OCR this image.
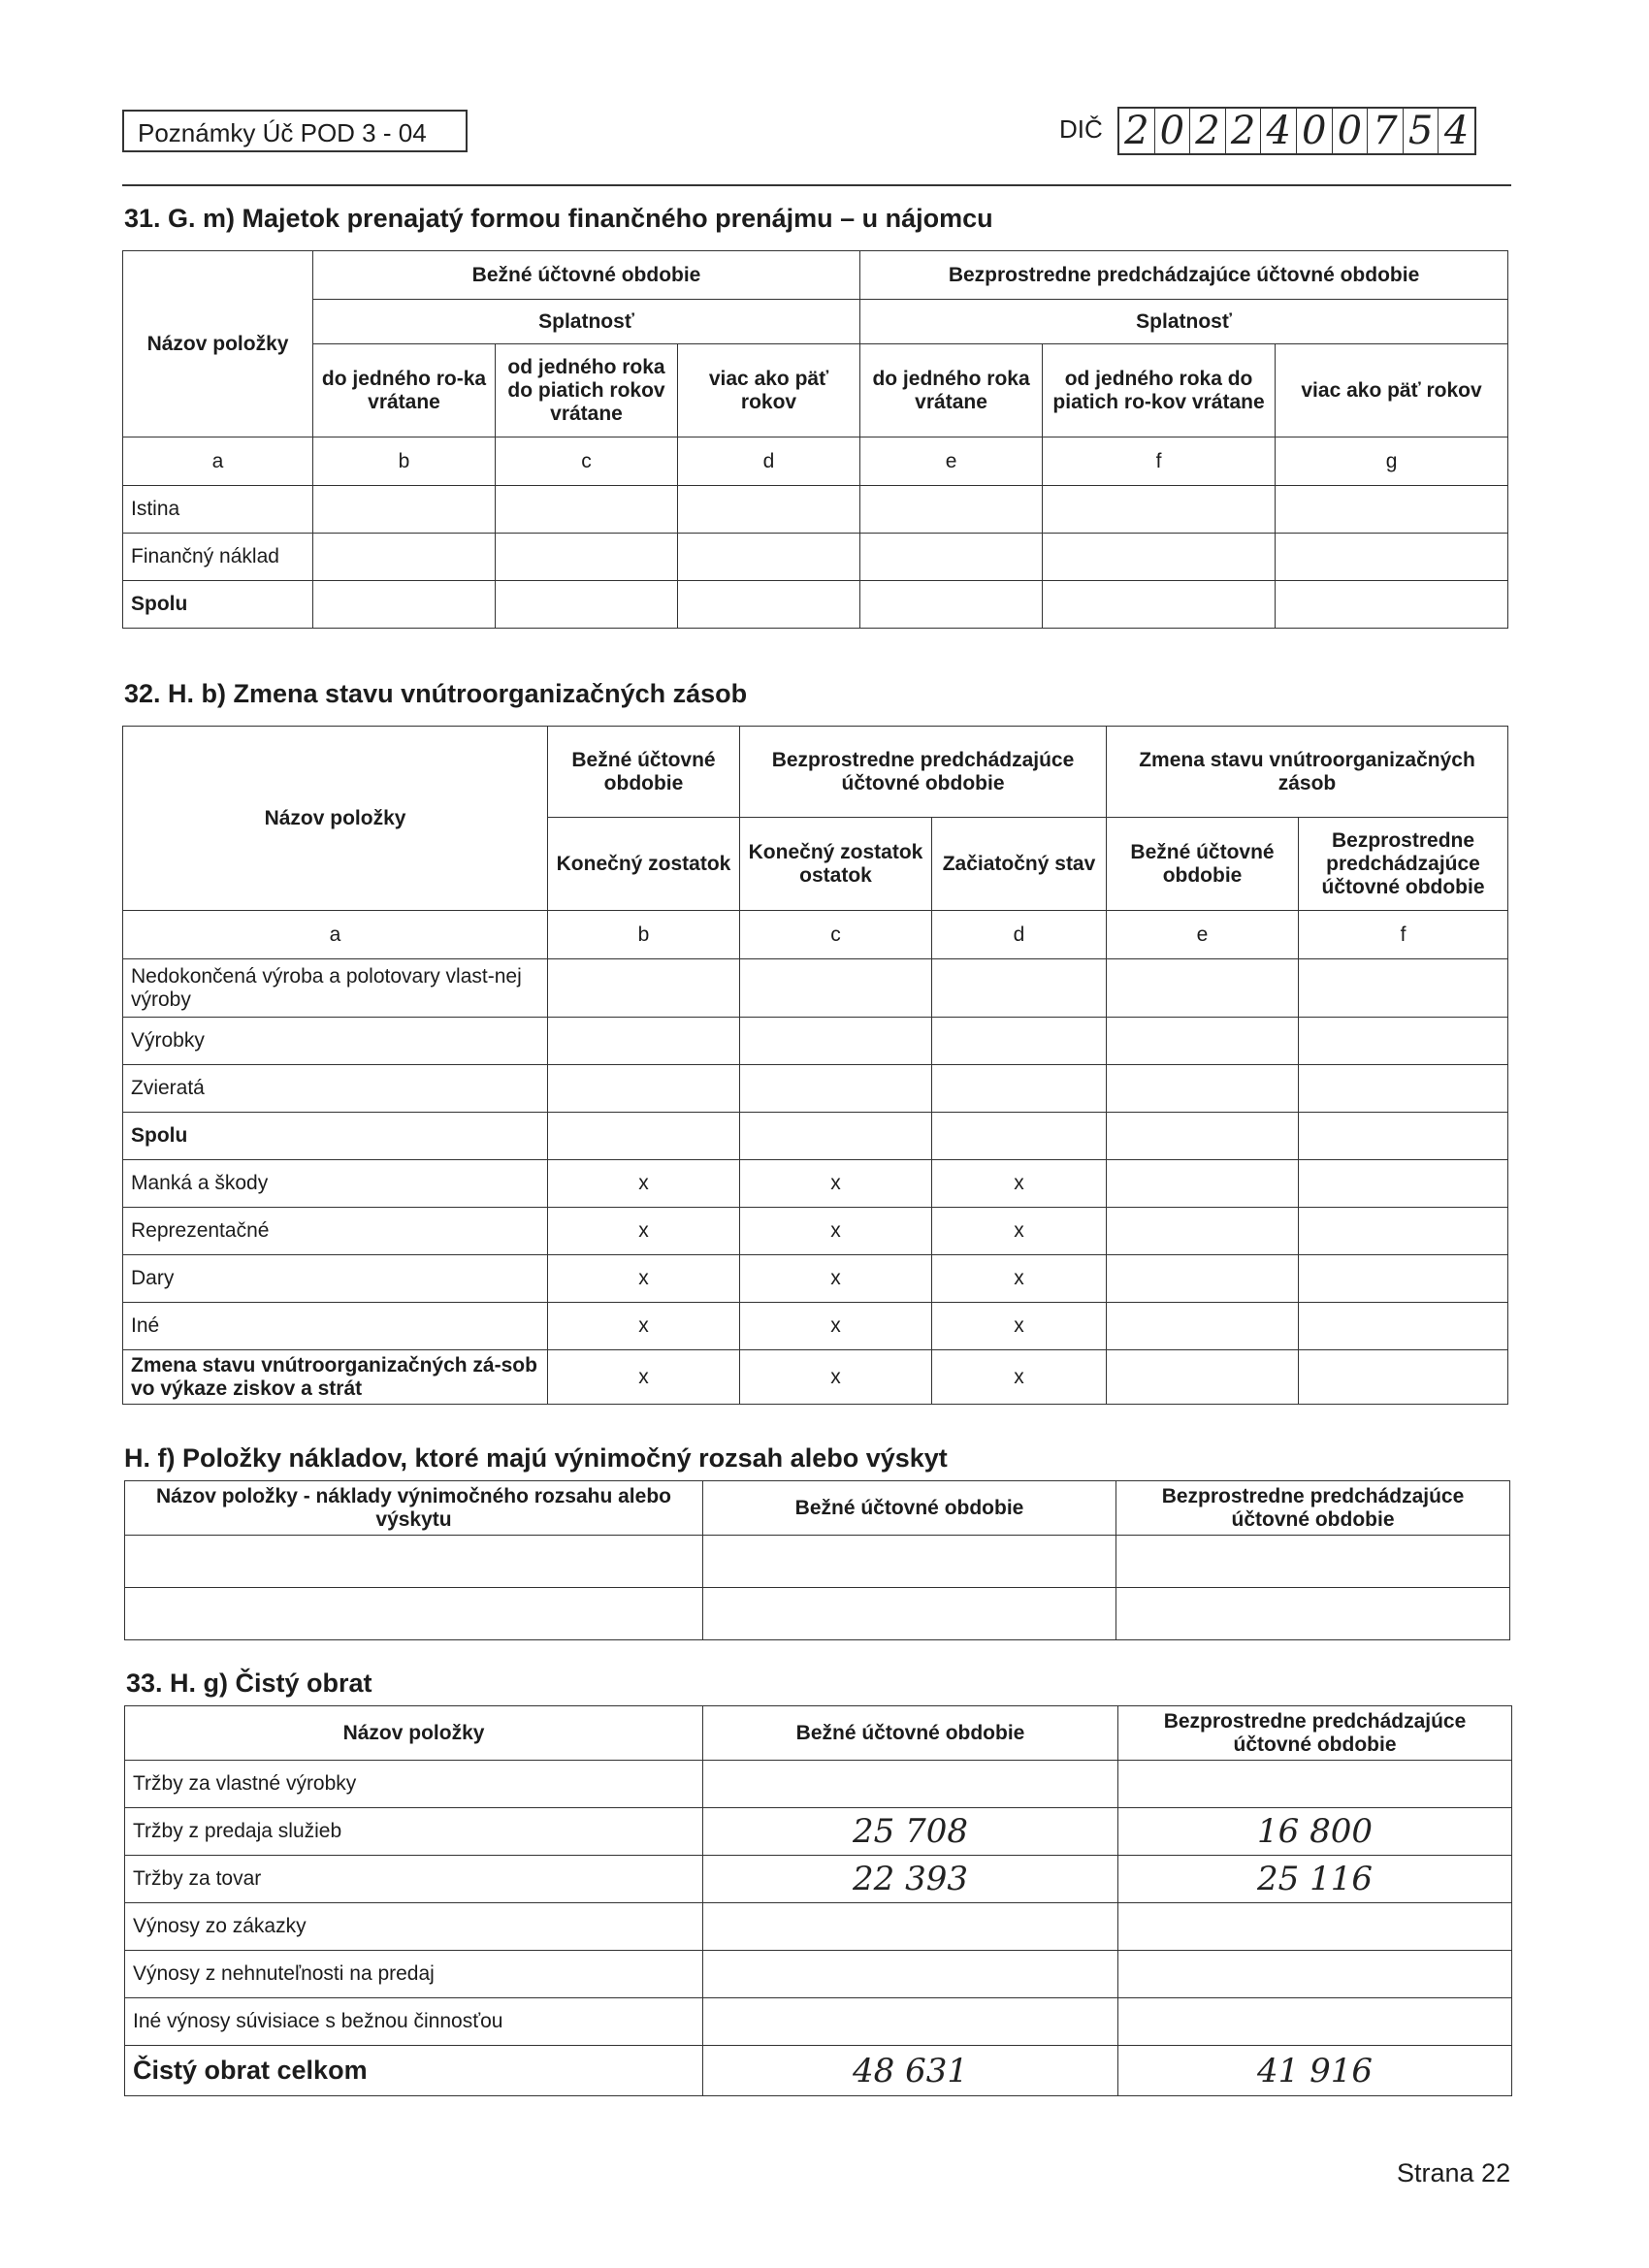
Poznámky Úč POD 3 - 04	DIČ 2 0 2 2 4 0 0 7 5 4
31. G. m) Majetok prenajatý formou finančného prenájmu – u nájomcu
Názov položky	Bežné účtovné obdobie			Bezprostredne predchádzajúce účtovné obdobie		
	Splatnosť			Splatnosť		
	do jedného ro-ka vrátane	od jedného roka do piatich rokov vrátane	viac ako päť rokov	do jedného roka vrátane	od jedného roka do piatich ro-kov vrátane	viac ako päť rokov
a	b	c	d	e	f	g
Istina						
Finančný náklad						
Spolu						
32. H. b) Zmena stavu vnútroorganizačných zásob
Názov položky	Bežné účtovné obdobie	Bezprostredne predchádzajúce účtovné obdobie		Zmena stavu vnútroorganizačných zásob	
	Konečný zostatok	Konečný zostatok ostatok	Začiatočný stav	Bežné účtovné obdobie	Bezprostredne predchádzajúce účtovné obdobie
a	b	c	d	e	f
Nedokončená výroba a polotovary vlast-nej výroby					
Výrobky					
Zvieratá					
Spolu					
Manká a škody	x	x	x		
Reprezentačné	x	x	x		
Dary	x	x	x		
Iné	x	x	x		
Zmena stavu vnútroorganizačných zá-sob vo výkaze ziskov a strát	x	x	x		
H. f) Položky nákladov, ktoré majú výnimočný rozsah alebo výskyt
Názov položky - náklady výnimočného rozsahu alebo výskytu	Bežné účtovné obdobie	Bezprostredne predchádzajúce účtovné obdobie

33. H. g) Čistý obrat
Názov položky	Bežné účtovné obdobie	Bezprostredne predchádzajúce účtovné obdobie
Tržby za vlastné výrobky		
Tržby z predaja služieb	25 708	16 800
Tržby za tovar	22 393	25 116
Výnosy zo zákazky		
Výnosy z nehnuteľnosti na predaj		
Iné výnosy súvisiace s bežnou činnosťou		
Čistý obrat celkom	48 631	41 916
Strana 22
